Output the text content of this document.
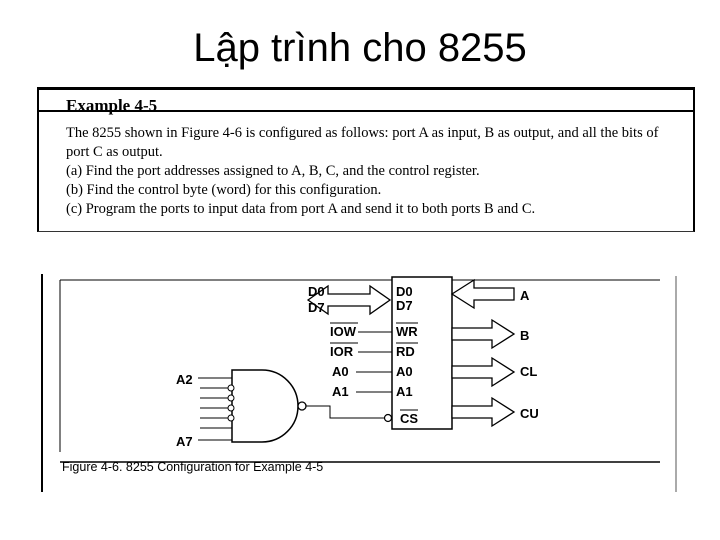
Lập trình cho 8255
Example 4-5
The 8255 shown in Figure 4-6 is configured as follows: port A as input, B as output, and all the bits of
port C as output.
(a) Find the port addresses assigned to A, B, C, and the control register.
(b) Find the control byte (word) for this configuration.
(c) Program the ports to input data from port A and send it to both ports B and C.
D0
D7
WR
RD
A0
A1
CS
D0
D7
IOW
IOR
A0
A1
A2
A7
A
B
CL
CU
Figure 4-6. 8255 Configuration for Example 4-5
